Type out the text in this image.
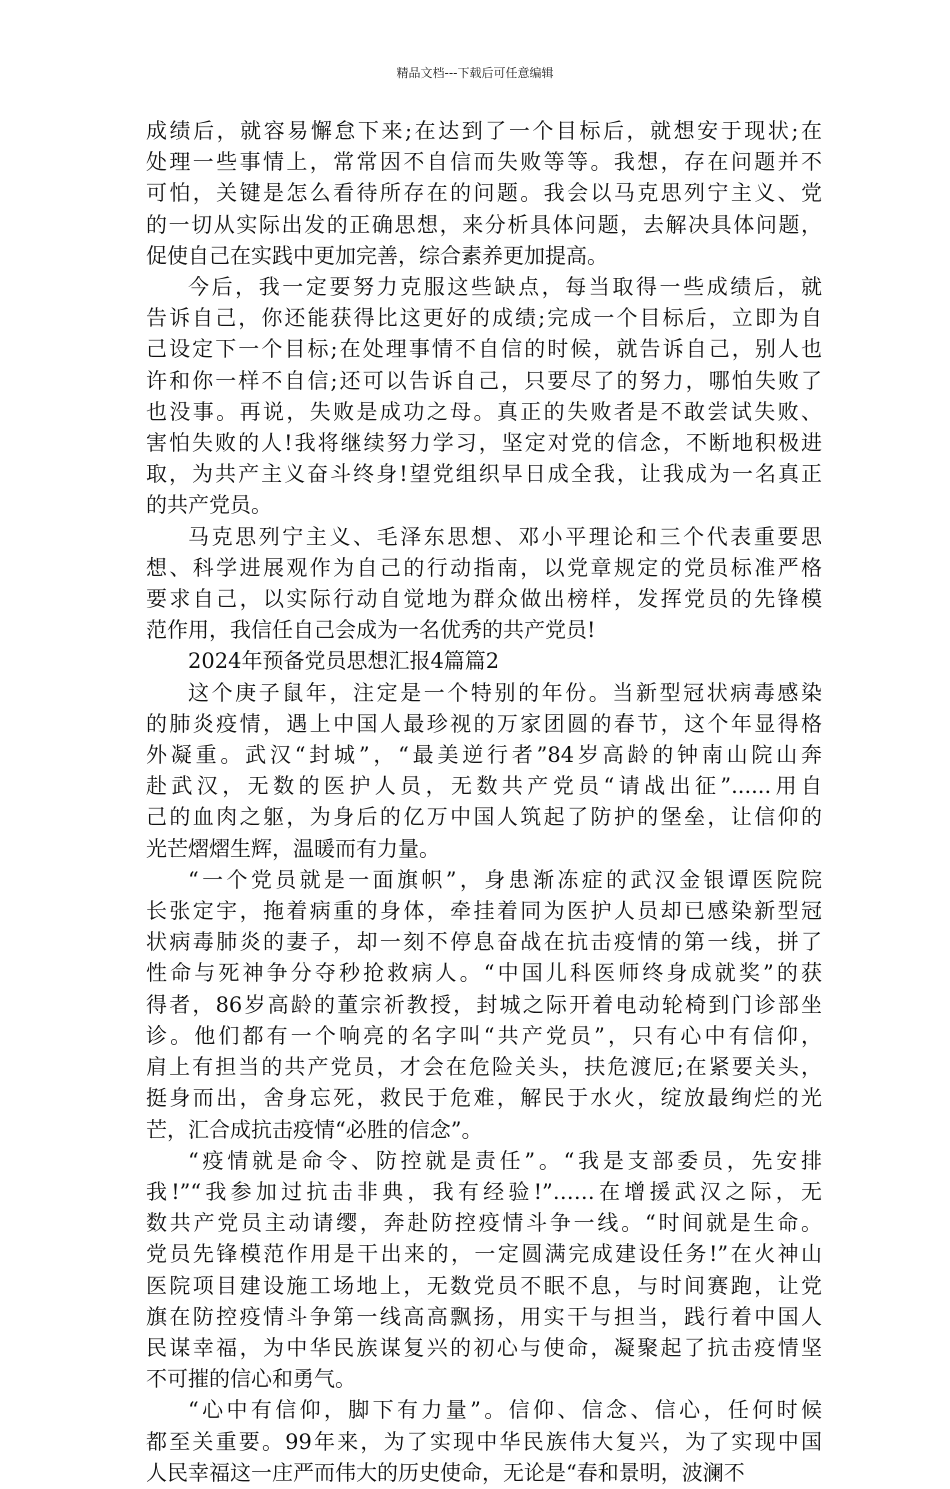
精品文档---下载后可任意编辑
成绩后，就容易懈怠下来;在达到了一个目标后，就想安于现状;在
处理一些事情上，常常因不自信而失败等等。我想，存在问题并不
可怕，关键是怎么看待所存在的问题。我会以马克思列宁主义、党
的一切从实际出发的正确思想，来分析具体问题，去解决具体问题，
促使自己在实践中更加完善，综合素养更加提高。
今后，我一定要努力克服这些缺点，每当取得一些成绩后，就
告诉自己，你还能获得比这更好的成绩;完成一个目标后，立即为自
己设定下一个目标;在处理事情不自信的时候，就告诉自己，别人也
许和你一样不自信;还可以告诉自己，只要尽了的努力，哪怕失败了
也没事。再说，失败是成功之母。真正的失败者是不敢尝试失败、
害怕失败的人!我将继续努力学习，坚定对党的信念，不断地积极进
取，为共产主义奋斗终身!望党组织早日成全我，让我成为一名真正
的共产党员。
马克思列宁主义、毛泽东思想、邓小平理论和三个代表重要思
想、科学进展观作为自己的行动指南，以党章规定的党员标准严格
要求自己，以实际行动自觉地为群众做出榜样，发挥党员的先锋模
范作用，我信任自己会成为一名优秀的共产党员!
2024年预备党员思想汇报4篇篇2
这个庚子鼠年，注定是一个特别的年份。当新型冠状病毒感染
的肺炎疫情，遇上中国人最珍视的万家团圆的春节，这个年显得格
外凝重。武汉“封城”，“最美逆行者”84岁高龄的钟南山院山奔
赴武汉，无数的医护人员，无数共产党员“请战出征”......用自
己的血肉之躯，为身后的亿万中国人筑起了防护的堡垒，让信仰的
光芒熠熠生辉，温暖而有力量。
“一个党员就是一面旗帜”，身患渐冻症的武汉金银谭医院院
长张定宇，拖着病重的身体，牵挂着同为医护人员却已感染新型冠
状病毒肺炎的妻子，却一刻不停息奋战在抗击疫情的第一线，拼了
性命与死神争分夺秒抢救病人。“中国儿科医师终身成就奖”的获
得者，86岁高龄的董宗祈教授，封城之际开着电动轮椅到门诊部坐
诊。他们都有一个响亮的名字叫“共产党员”，只有心中有信仰，
肩上有担当的共产党员，才会在危险关头，扶危渡厄;在紧要关头，
挺身而出，舍身忘死，救民于危难，解民于水火，绽放最绚烂的光
芒，汇合成抗击疫情“必胜的信念”。
“疫情就是命令、防控就是责任”。“我是支部委员，先安排
我!”“我参加过抗击非典，我有经验!”……在增援武汉之际，无
数共产党员主动请缨，奔赴防控疫情斗争一线。“时间就是生命。
党员先锋模范作用是干出来的，一定圆满完成建设任务!”在火神山
医院项目建设施工场地上，无数党员不眠不息，与时间赛跑，让党
旗在防控疫情斗争第一线高高飘扬，用实干与担当，践行着中国人
民谋幸福，为中华民族谋复兴的初心与使命，凝聚起了抗击疫情坚
不可摧的信心和勇气。
“心中有信仰，脚下有力量”。信仰、信念、信心，任何时候
都至关重要。99年来，为了实现中华民族伟大复兴，为了实现中国
人民幸福这一庄严而伟大的历史使命，无论是“春和景明，波澜不
